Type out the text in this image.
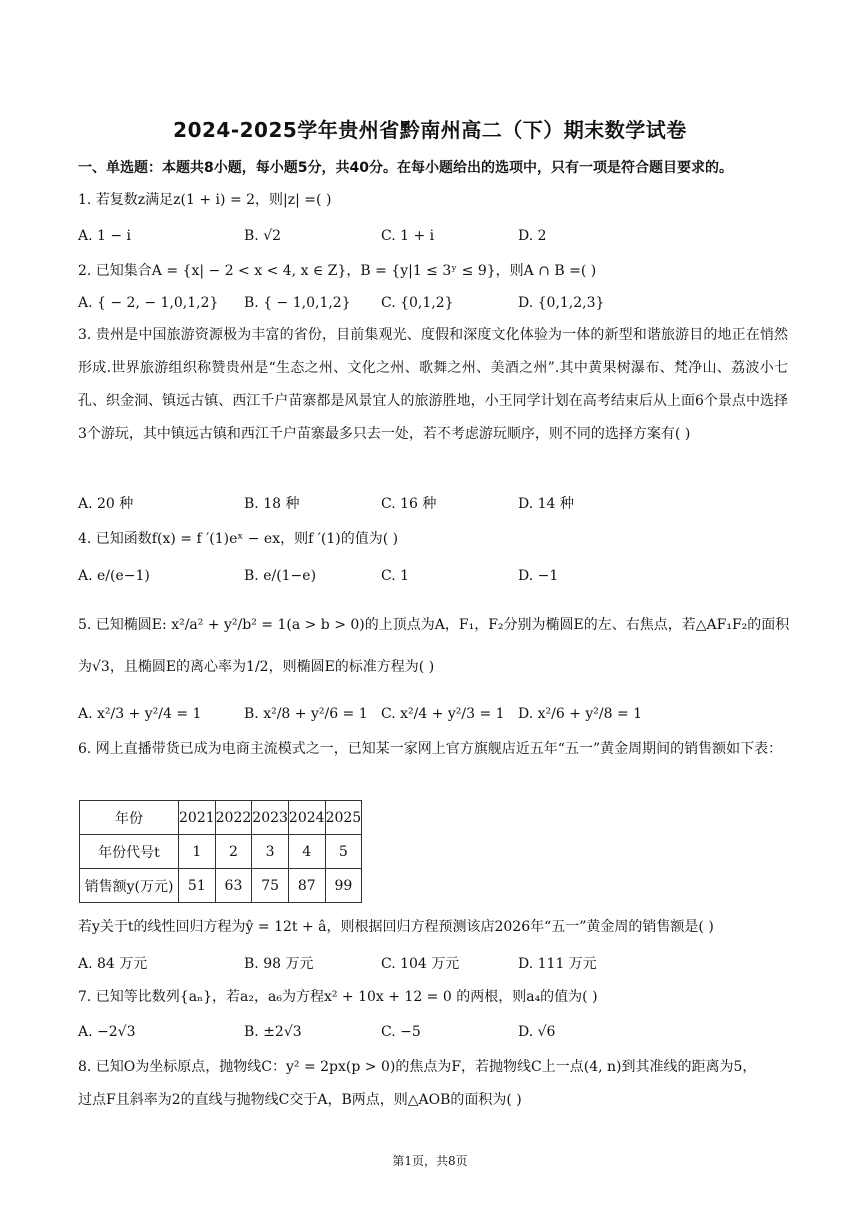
2024-2025学年贵州省黔南州高二（下）期末数学试卷
一、单选题：本题共8小题，每小题5分，共40分。在每小题给出的选项中，只有一项是符合题目要求的。
1. 若复数z满足z(1 + i) = 2，则|z| =( )
A. 1 − i	B. √2	C. 1 + i	D. 2
2. 已知集合A = {x| − 2 < x < 4, x ∈ Z}，B = {y|1 ≤ 3ʸ ≤ 9}，则A ∩ B =( )
A. { − 2, − 1,0,1,2} B. { − 1,0,1,2} C. {0,1,2}	D. {0,1,2,3}
3. 贵州是中国旅游资源极为丰富的省份，目前集观光、度假和深度文化体验为一体的新型和谐旅游目的地正在悄然形成.世界旅游组织称赞贵州是“生态之州、文化之州、歌舞之州、美酒之州”.其中黄果树瀑布、梵净山、荔波小七孔、织金洞、镇远古镇、西江千户苗寨都是风景宜人的旅游胜地，小王同学计划在高考结束后从上面6个景点中选择3个游玩，其中镇远古镇和西江千户苗寨最多只去一处，若不考虑游玩顺序，则不同的选择方案有( )
A. 20 种	B. 18 种	C. 16 种	D. 14 种
4. 已知函数f(x) = f ′(1)eˣ − ex，则f ′(1)的值为( )
A. e/(e−1)	B. e/(1−e)	C. 1	D. −1
5. 已知椭圆E: x²/a² + y²/b² = 1(a > b > 0)的上顶点为A，F₁，F₂分别为椭圆E的左、右焦点，若△AF₁F₂的面积
为√3，且椭圆E的离心率为1/2，则椭圆E的标准方程为( )
A. x²/3 + y²/4 = 1	B. x²/8 + y²/6 = 1 C. x²/4 + y²/3 = 1 D. x²/6 + y²/8 = 1
6. 网上直播带货已成为电商主流模式之一，已知某一家网上官方旗舰店近五年“五一”黄金周期间的销售额如下表：
年份	2021	2022	2023	2024	2025
年份代号t	1	2	3	4	5
销售额y(万元)	51	63	75	87	99
若y关于t的线性回归方程为ŷ = 12t + â，则根据回归方程预测该店2026年“五一”黄金周的销售额是( )
A. 84 万元	B. 98 万元	C. 104 万元	D. 111 万元
7. 已知等比数列{aₙ}，若a₂，a₆为方程x² + 10x + 12 = 0 的两根，则a₄的值为( )
A. −2√3	B. ±2√3	C. −5	D. √6
8. 已知O为坐标原点，抛物线C：y² = 2px(p > 0)的焦点为F，若抛物线C上一点(4, n)到其准线的距离为5，
过点F且斜率为2的直线与抛物线C交于A，B两点，则△AOB的面积为( )
第1页，共8页
